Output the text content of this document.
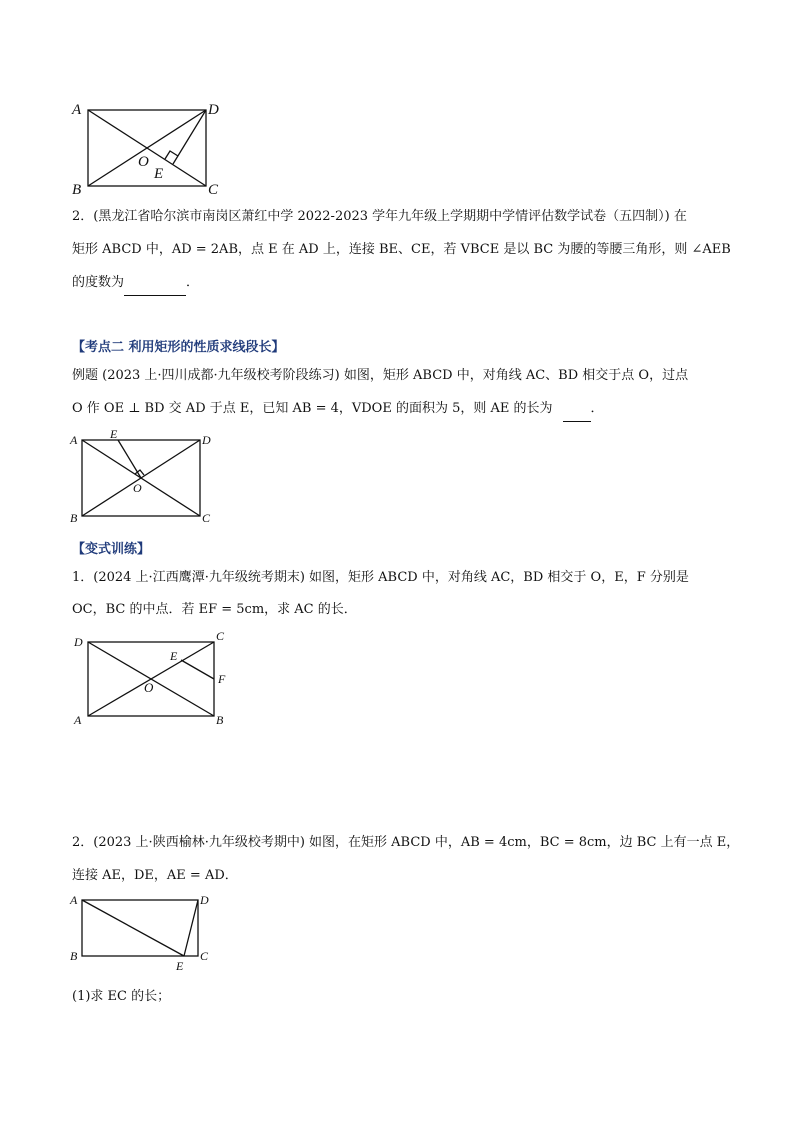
A	D
B	C
O
E
2．(黑龙江省哈尔滨市南岗区萧红中学 2022-2023 学年九年级上学期期中学情评估数学试卷（五四制）) 在
矩形 ABCD 中，AD = 2AB，点 E 在 AD 上，连接 BE、CE，若 VBCE 是以 BC 为腰的等腰三角形，则 ∠AEB
的度数为	．
【考点二 利用矩形的性质求线段长】
例题 (2023 上·四川成都·九年级校考阶段练习) 如图，矩形 ABCD 中，对角线 AC、BD 相交于点 O，过点
O 作 OE ⊥ BD 交 AD 于点 E，已知 AB = 4，VDOE 的面积为 5，则 AE 的长为	．
A	E	D
B	C
O
【变式训练】
1．(2024 上·江西鹰潭·九年级统考期末) 如图，矩形 ABCD 中，对角线 AC，BD 相交于 O，E，F 分别是
OC，BC 的中点．若 EF = 5cm，求 AC 的长．
D	C
E
F
O
A	B
2．(2023 上·陕西榆林·九年级校考期中) 如图，在矩形 ABCD 中，AB = 4cm，BC = 8cm，边 BC 上有一点 E，
连接 AE，DE，AE = AD．
A	D
B
E
C
(1)求 EC 的长；
